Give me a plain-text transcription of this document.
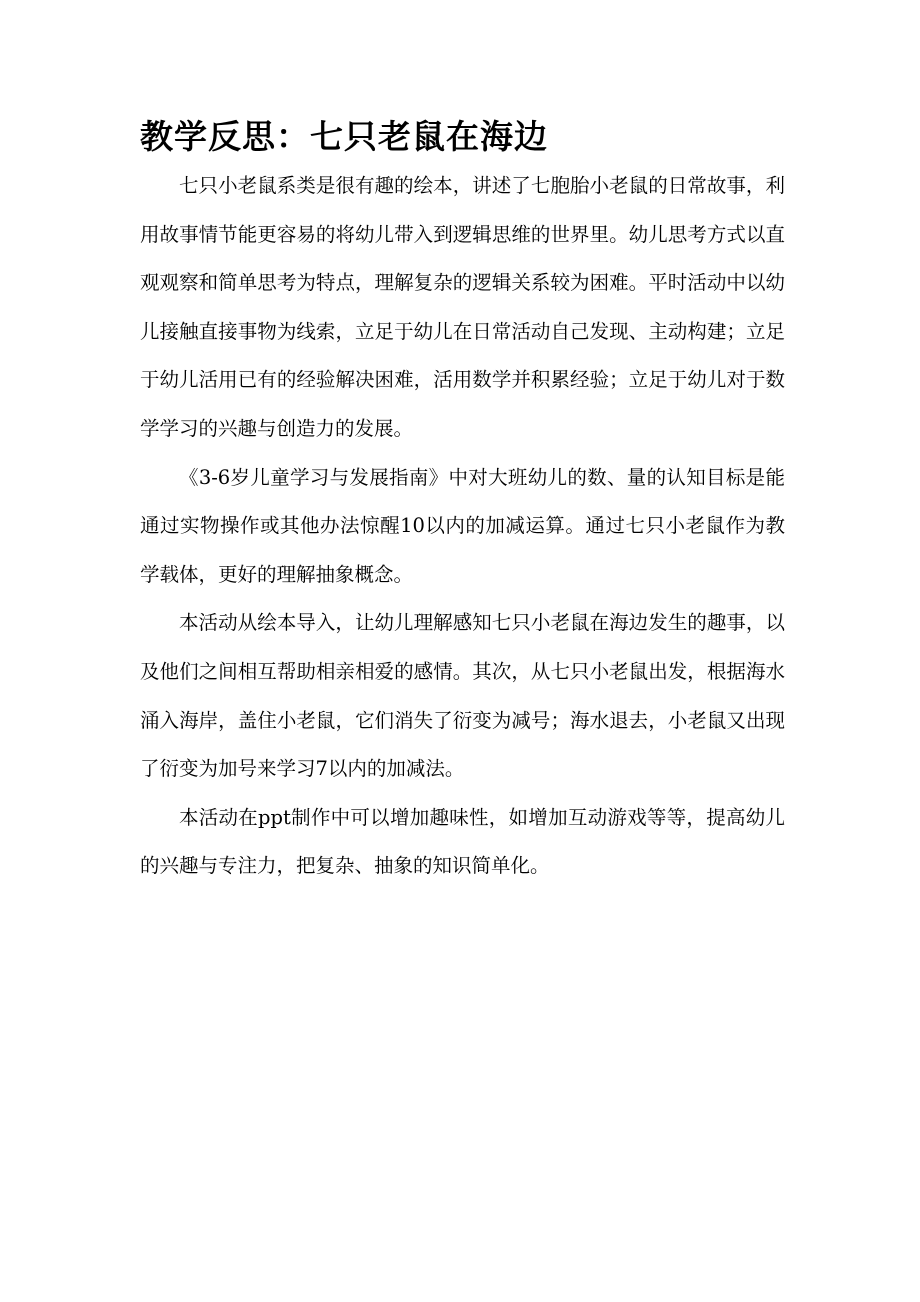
教学反思：七只老鼠在海边

七只小老鼠系类是很有趣的绘本，讲述了七胞胎小老鼠的日常故事，利用故事情节能更容易的将幼儿带入到逻辑思维的世界里。幼儿思考方式以直观观察和简单思考为特点，理解复杂的逻辑关系较为困难。平时活动中以幼儿接触直接事物为线索，立足于幼儿在日常活动自己发现、主动构建；立足于幼儿活用已有的经验解决困难，活用数学并积累经验；立足于幼儿对于数学学习的兴趣与创造力的发展。

《3-6岁儿童学习与发展指南》中对大班幼儿的数、量的认知目标是能通过实物操作或其他办法惊醒10以内的加减运算。通过七只小老鼠作为教学载体，更好的理解抽象概念。

本活动从绘本导入，让幼儿理解感知七只小老鼠在海边发生的趣事，以及他们之间相互帮助相亲相爱的感情。其次，从七只小老鼠出发，根据海水涌入海岸，盖住小老鼠，它们消失了衍变为减号；海水退去，小老鼠又出现了衍变为加号来学习7以内的加减法。

本活动在ppt制作中可以增加趣味性，如增加互动游戏等等，提高幼儿的兴趣与专注力，把复杂、抽象的知识简单化。
